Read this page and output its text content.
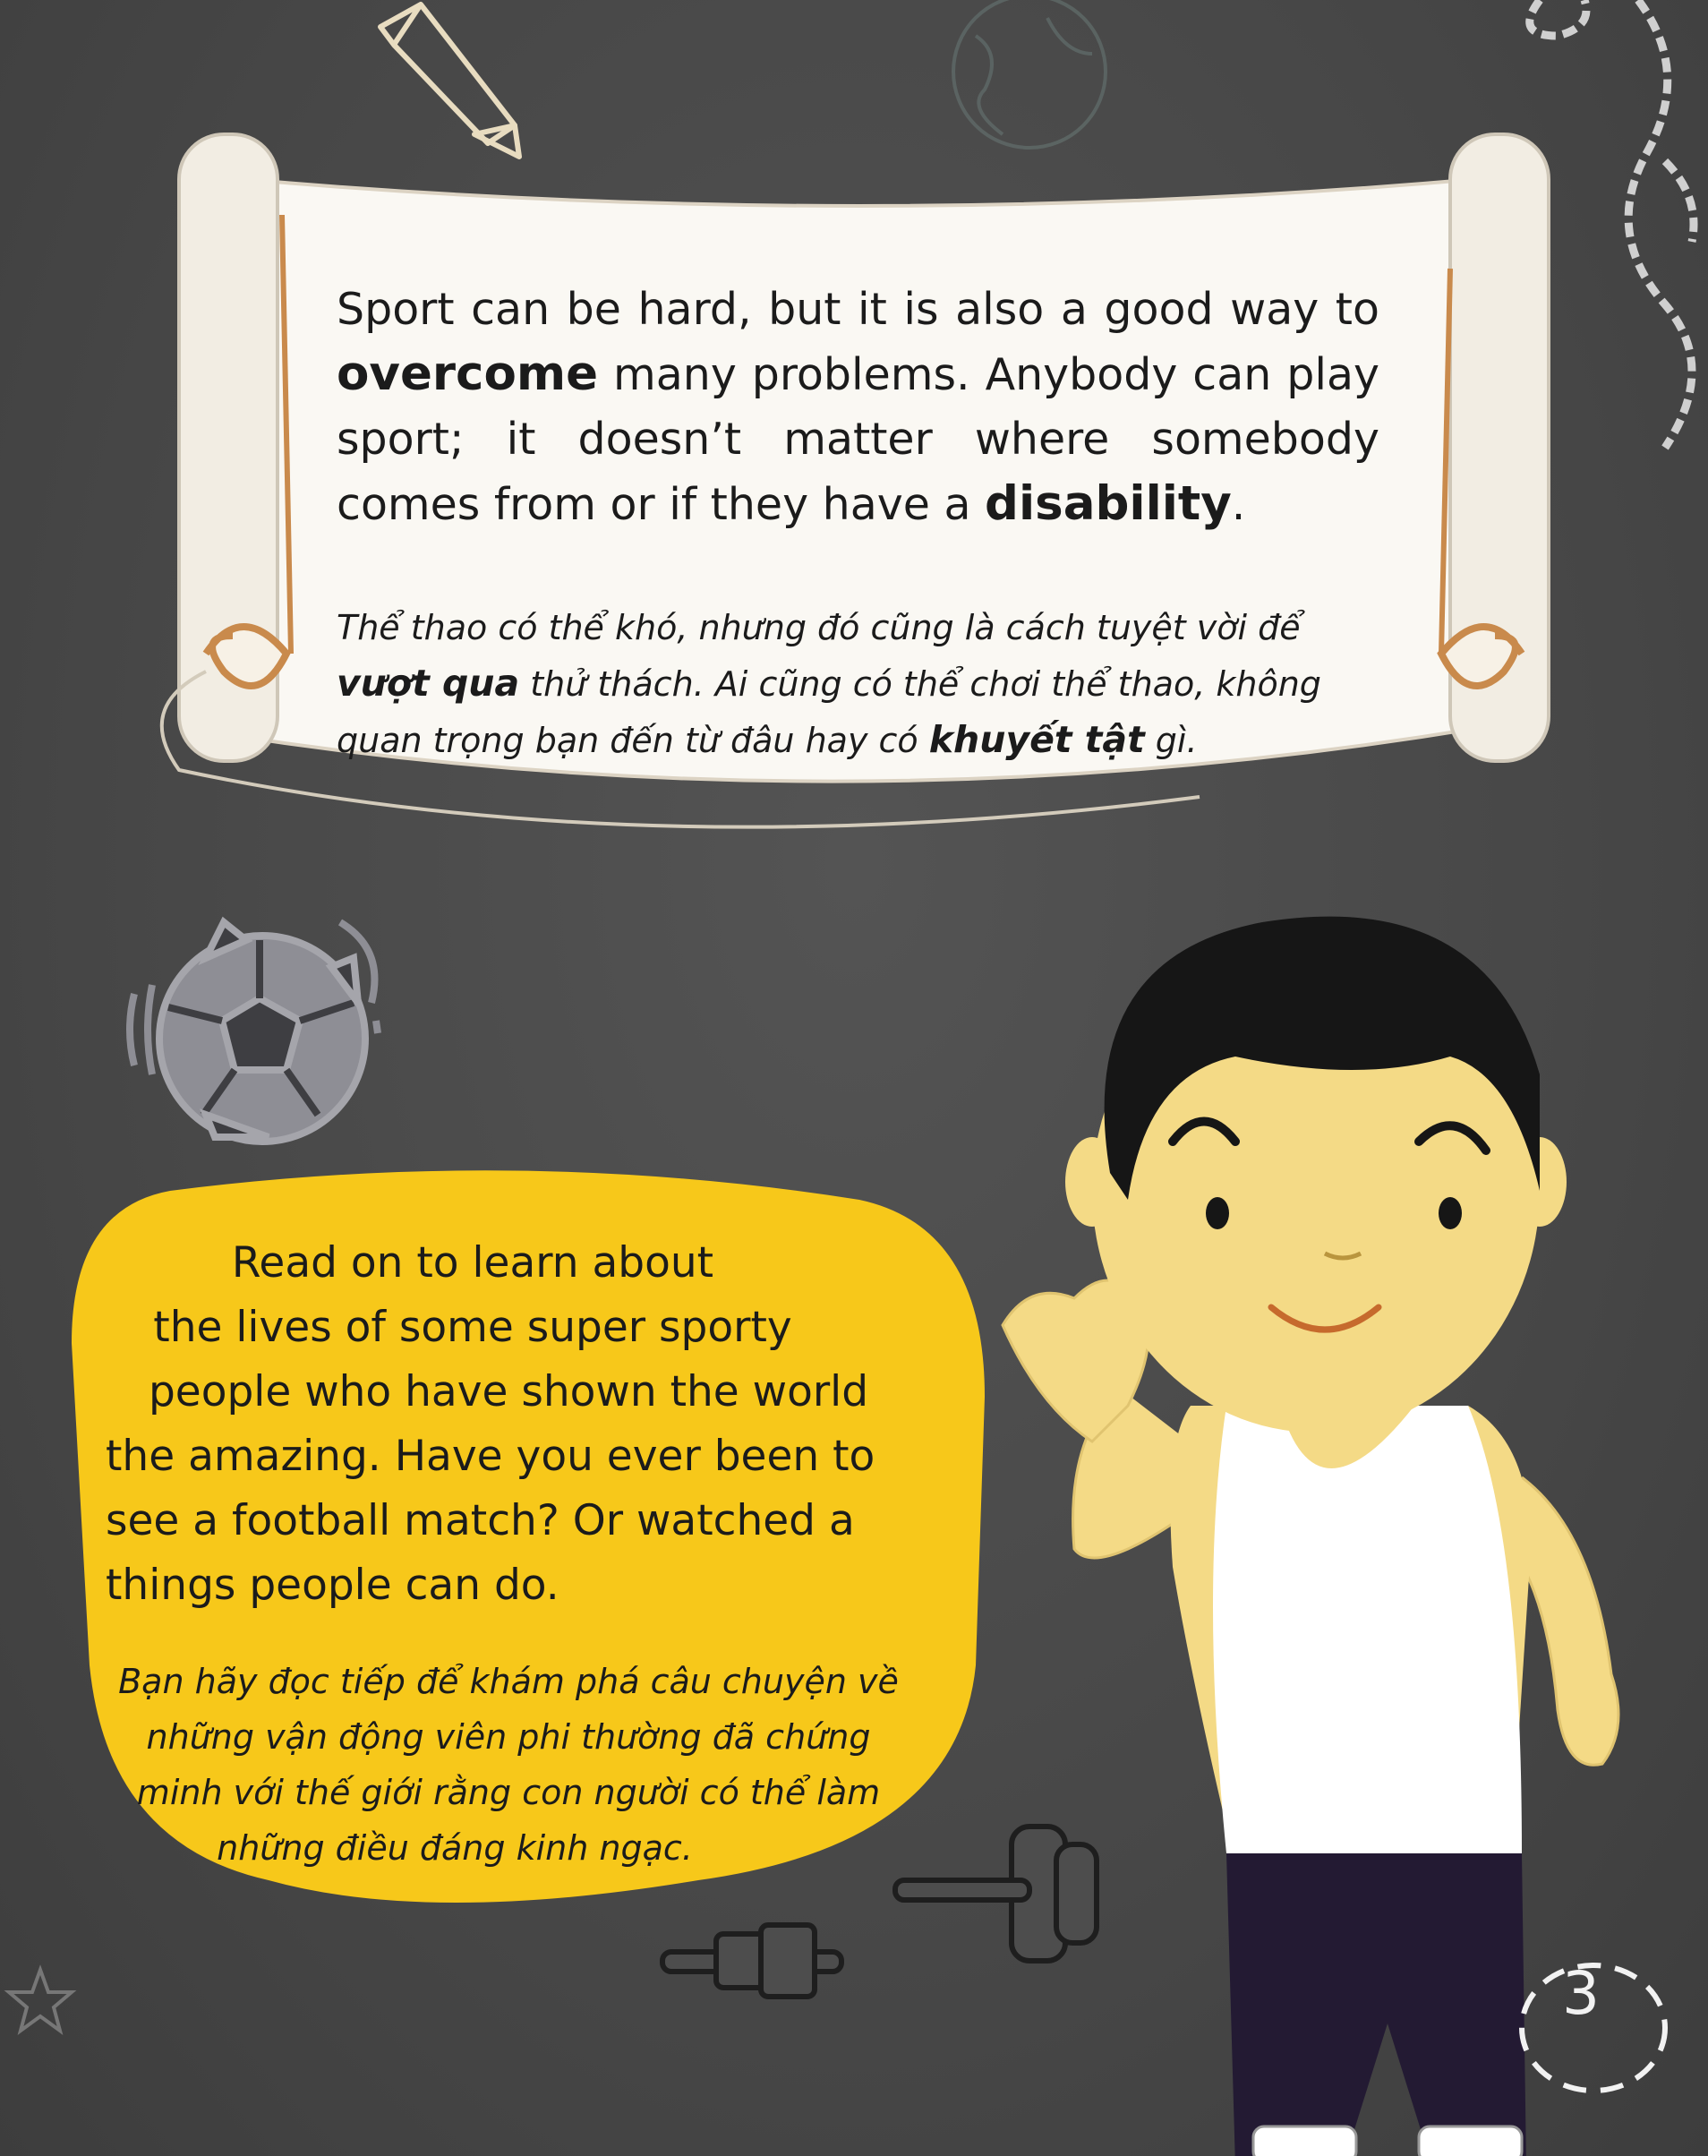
Sport can be hard, but it is also a good way to overcome many problems. Anybody can play sport; it doesn’t matter where somebody comes from or if they have a disability.

Thể thao có thể khó, nhưng đó cũng là cách tuyệt vời để vượt qua thử thách. Ai cũng có thể chơi thể thao, không quan trọng bạn đến từ đâu hay có khuyết tật gì.

Read on to learn about
the lives of some super sporty
people who have shown the world
the amazing. Have you ever been to
see a football match? Or watched a
things people can do.

Bạn hãy đọc tiếp để khám phá câu chuyện về
những vận động viên phi thường đã chứng
minh với thế giới rằng con người có thể làm
những điều đáng kinh ngạc.

3
